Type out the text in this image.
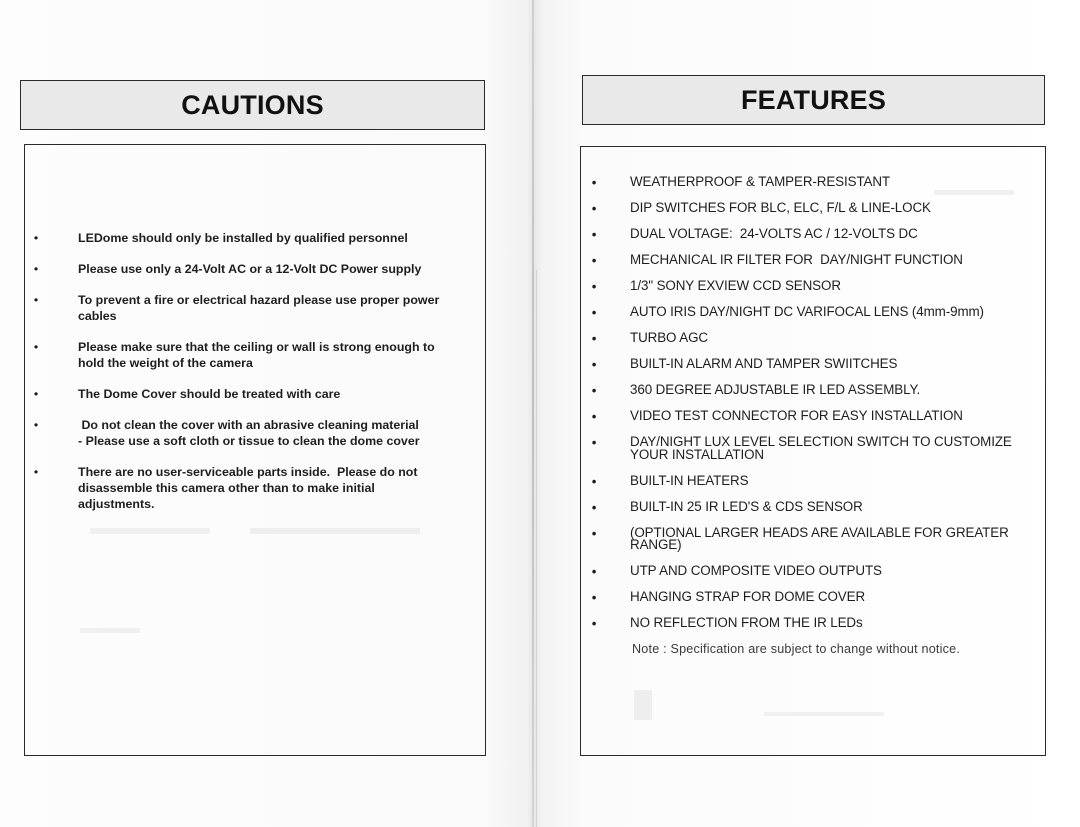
CAUTIONS
•	LEDome should only be installed by qualified personnel
•	Please use only a 24-Volt AC or a 12-Volt DC Power supply
•	To prevent a fire or electrical hazard please use proper power
cables
•	Please make sure that the ceiling or wall is strong enough to
hold the weight of the camera
•	The Dome Cover should be treated with care
•	Do not clean the cover with an abrasive cleaning material
- Please use a soft cloth or tissue to clean the dome cover
•	There are no user-serviceable parts inside.  Please do not
disassemble this camera other than to make initial
adjustments.
FEATURES
•	WEATHERPROOF & TAMPER-RESISTANT
•	DIP SWITCHES FOR BLC, ELC, F/L & LINE-LOCK
•	DUAL VOLTAGE:  24-VOLTS AC / 12-VOLTS DC
•	MECHANICAL IR FILTER FOR  DAY/NIGHT FUNCTION
•	1/3" SONY EXVIEW CCD SENSOR
•	AUTO IRIS DAY/NIGHT DC VARIFOCAL LENS (4mm-9mm)
•	TURBO AGC
•	BUILT-IN ALARM AND TAMPER SWIITCHES
•	360 DEGREE ADJUSTABLE IR LED ASSEMBLY.
•	VIDEO TEST CONNECTOR FOR EASY INSTALLATION
•	DAY/NIGHT LUX LEVEL SELECTION SWITCH TO CUSTOMIZE
YOUR INSTALLATION
•	BUILT-IN HEATERS
•	BUILT-IN 25 IR LED'S & CDS SENSOR
•	(OPTIONAL LARGER HEADS ARE AVAILABLE FOR GREATER
RANGE)
•	UTP AND COMPOSITE VIDEO OUTPUTS
•	HANGING STRAP FOR DOME COVER
•	NO REFLECTION FROM THE IR LEDs
Note : Specification are subject to change without notice.
